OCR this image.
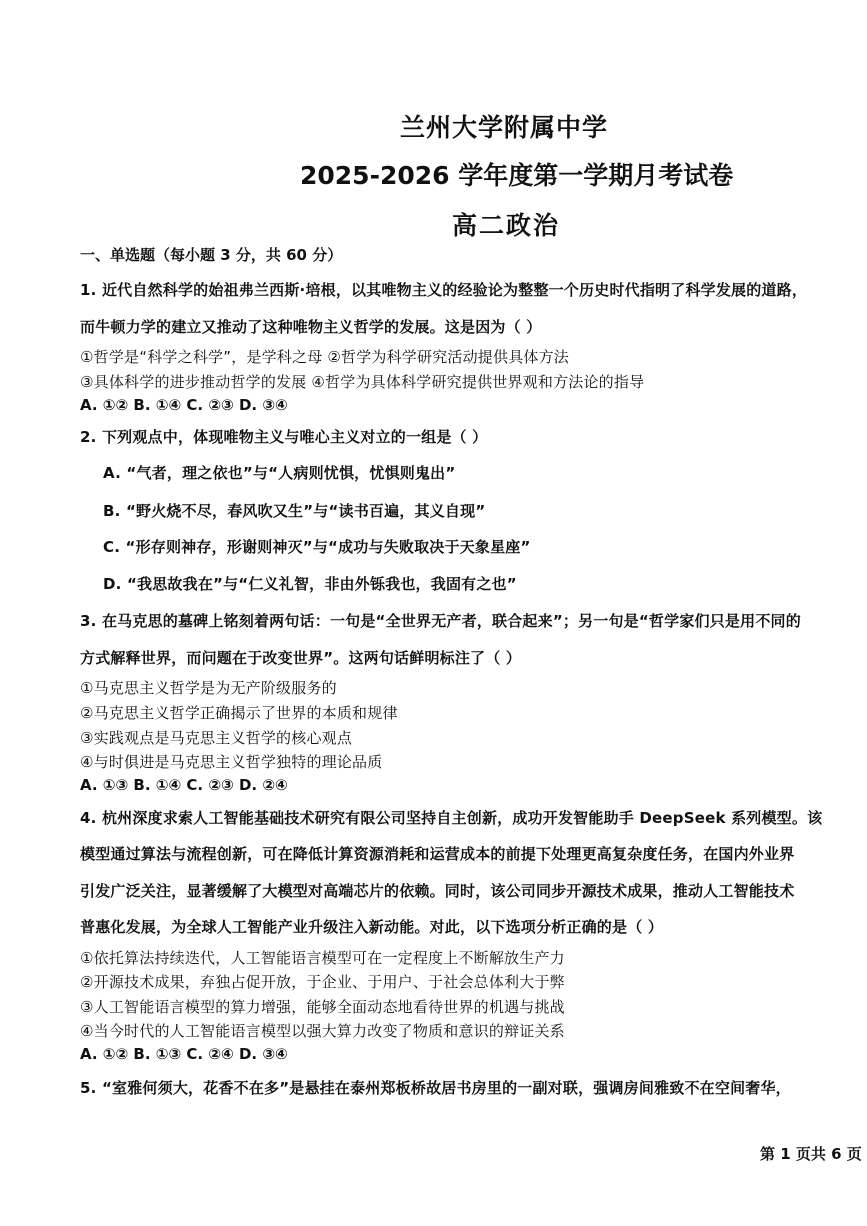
兰州大学附属中学
2025-2026 学年度第一学期月考试卷
高二政治
一、单选题（每小题 3 分，共 60 分）
1. 近代自然科学的始祖弗兰西斯·培根，以其唯物主义的经验论为整整一个历史时代指明了科学发展的道路，
而牛顿力学的建立又推动了这种唯物主义哲学的发展。这是因为（ ）
①哲学是“科学之科学”，是学科之母 ②哲学为科学研究活动提供具体方法
③具体科学的进步推动哲学的发展 ④哲学为具体科学研究提供世界观和方法论的指导
A. ①② B. ①④ C. ②③ D. ③④
2. 下列观点中，体现唯物主义与唯心主义对立的一组是（ ）
A. “气者，理之依也”与“人病则忧惧，忧惧则鬼出”
B. “野火烧不尽，春风吹又生”与“读书百遍，其义自现”
C. “形存则神存，形谢则神灭”与“成功与失败取决于天象星座”
D. “我思故我在”与“仁义礼智，非由外铄我也，我固有之也”
3. 在马克思的墓碑上铭刻着两句话：一句是“全世界无产者，联合起来”；另一句是“哲学家们只是用不同的
方式解释世界，而问题在于改变世界”。这两句话鲜明标注了（ ）
①马克思主义哲学是为无产阶级服务的
②马克思主义哲学正确揭示了世界的本质和规律
③实践观点是马克思主义哲学的核心观点
④与时俱进是马克思主义哲学独特的理论品质
A. ①③ B. ①④ C. ②③ D. ②④
4. 杭州深度求索人工智能基础技术研究有限公司坚持自主创新，成功开发智能助手 DeepSeek 系列模型。该
模型通过算法与流程创新，可在降低计算资源消耗和运营成本的前提下处理更高复杂度任务，在国内外业界
引发广泛关注，显著缓解了大模型对高端芯片的依赖。同时，该公司同步开源技术成果，推动人工智能技术
普惠化发展，为全球人工智能产业升级注入新动能。对此，以下选项分析正确的是（ ）
①依托算法持续迭代，人工智能语言模型可在一定程度上不断解放生产力
②开源技术成果，弃独占促开放，于企业、于用户、于社会总体利大于弊
③人工智能语言模型的算力增强，能够全面动态地看待世界的机遇与挑战
④当今时代的人工智能语言模型以强大算力改变了物质和意识的辩证关系
A. ①② B. ①③ C. ②④ D. ③④
5. “室雅何须大，花香不在多”是悬挂在泰州郑板桥故居书房里的一副对联，强调房间雅致不在空间奢华，
第 1 页共 6 页
